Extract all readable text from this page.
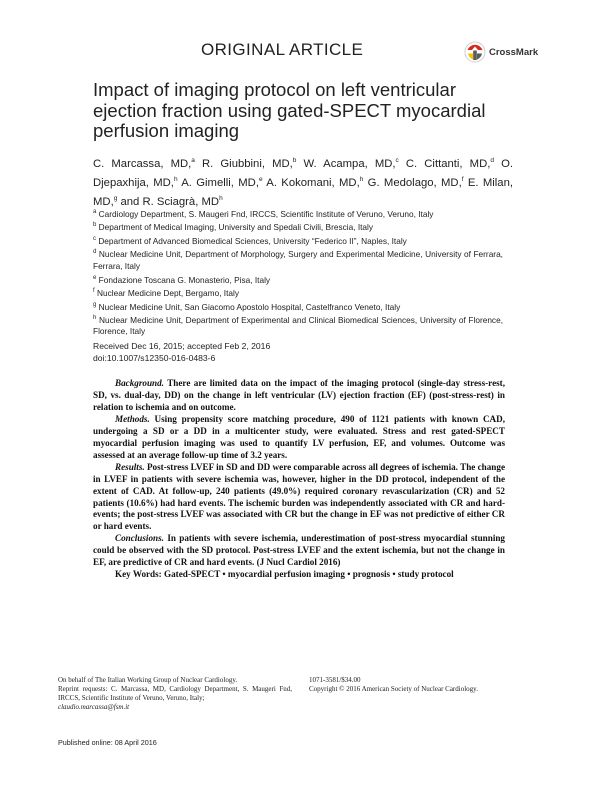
ORIGINAL ARTICLE	CrossMark
Impact of imaging protocol on left ventricular ejection fraction using gated-SPECT myocardial perfusion imaging
C. Marcassa, MD,$^a$ R. Giubbini, MD,$^b$ W. Acampa, MD,$^c$ C. Cittanti, MD,$^d$ O. Djepaxhija, MD,$^h$ A. Gimelli, MD,$^e$ A. Kokomani, MD,$^h$ G. Medolago, MD,$^f$ E. Milan, MD,$^g$ and R. Sciagrà, $MD^h$
$^a$ Cardiology Department, S. Maugeri Fnd, IRCCS, Scientific Institute of Veruno, Veruno, Italy
$^b$ Department of Medical Imaging, University and Spedali Civili, Brescia, Italy
$^c$ Department of Advanced Biomedical Sciences, University “Federico II”, Naples, Italy
$^d$ Nuclear Medicine Unit, Department of Morphology, Surgery and Experimental Medicine, University of Ferrara, Ferrara, Italy
$^e$ Fondazione Toscana G. Monasterio, Pisa, Italy
$^f$ Nuclear Medicine Dept, Bergamo, Italy
$^g$ Nuclear Medicine Unit, San Giacomo Apostolo Hospital, Castelfranco Veneto, Italy
$^h$ Nuclear Medicine Unit, Department of Experimental and Clinical Biomedical Sciences, University of Florence, Florence, Italy
Received Dec 16, 2015; accepted Feb 2, 2016
doi:10.1007/s12350-016-0483-6

Background. There are limited data on the impact of the imaging protocol (single-day stress-rest, SD, vs. dual-day, DD) on the change in left ventricular (LV) ejection fraction (EF) (post-stress-rest) in relation to ischemia and on outcome.

Methods. Using propensity score matching procedure, 490 of 1121 patients with known CAD, undergoing a SD or a DD in a multicenter study, were evaluated. Stress and rest gated-SPECT myocardial perfusion imaging was used to quantify LV perfusion, EF, and volumes. Outcome was assessed at an average follow-up time of 3.2 years.

Results. Post-stress LVEF in SD and DD were comparable across all degrees of ischemia. The change in LVEF in patients with severe ischemia was, however, higher in the DD protocol, independent of the extent of CAD. At follow-up, 240 patients (49.0%) required coronary revascularization (CR) and 52 patients (10.6%) had hard events. The ischemic burden was independently associated with CR and hard-events; the post-stress LVEF was associated with CR but the change in EF was not predictive of either CR or hard events.

Conclusions. In patients with severe ischemia, underestimation of post-stress myocardial stunning could be observed with the SD protocol. Post-stress LVEF and the extent ischemia, but not the change in EF, are predictive of CR and hard events. (J Nucl Cardiol 2016)

Key Words: Gated-SPECT • myocardial perfusion imaging • prognosis • study protocol

On behalf of The Italian Working Group of Nuclear Cardiology.
Reprint requests: C. Marcassa, MD, Cardiology Department, S. Maugeri Fnd, IRCCS, Scientific Institute of Veruno, Veruno, Italy;
claudio.marcassa@fsm.it
1071-3581/$34.00
Copyright © 2016 American Society of Nuclear Cardiology.
Published online: 08 April 2016
